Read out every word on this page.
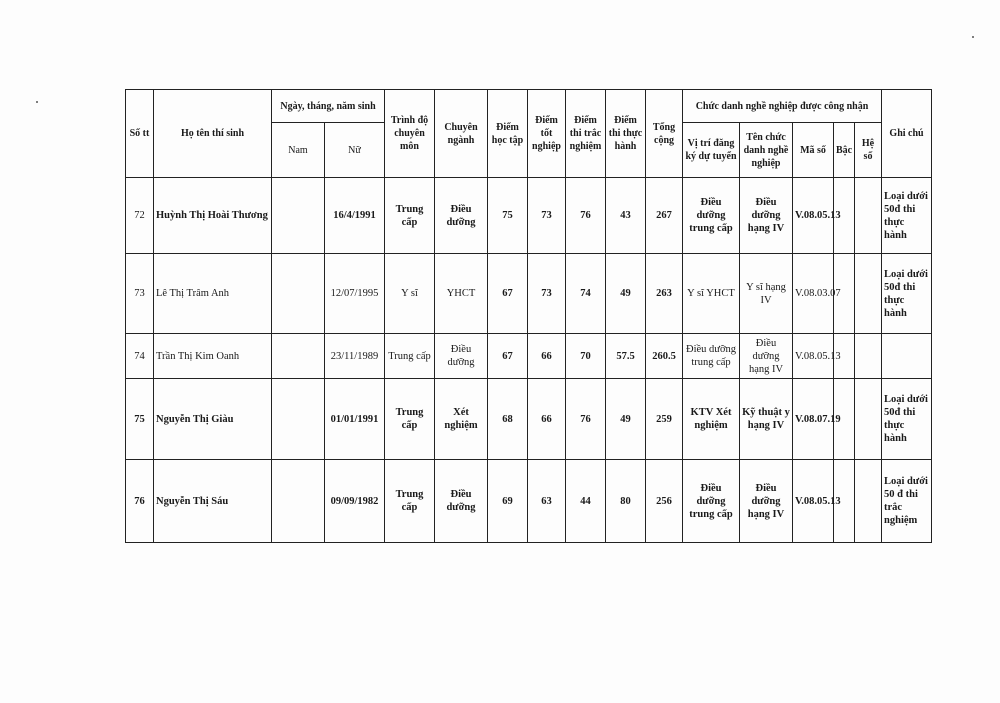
Số tt	Họ tên thí sinh	Ngày, tháng, năm sinh		Trình độ chuyên môn	Chuyên ngành	Điểm học tập	Điểm tốt nghiệp	Điểm thi trắc nghiệm	Điểm thi thực hành	Tổng cộng	Chức danh nghề nghiệp được công nhận					Ghi chú
		Nam	Nữ								Vị trí đăng ký dự tuyển	Tên chức danh nghề nghiệp	Mã số	Bậc	Hệ số	
72	Huỳnh Thị Hoài Thương		16/4/1991	Trung cấp	Điều dưỡng	75	73	76	43	267	Điều dưỡng trung cấp	Điều dưỡng hạng IV	V.08.05.13			Loại dưới 50đ thi thực hành
73	Lê Thị Trâm Anh		12/07/1995	Y sĩ	YHCT	67	73	74	49	263	Y sĩ YHCT	Y sĩ hạng IV	V.08.03.07			Loại dưới 50đ thi thực hành
74	Trần Thị Kim Oanh		23/11/1989	Trung cấp	Điều dưỡng	67	66	70	57.5	260.5	Điều dưỡng trung cấp	Điều dưỡng hạng IV	V.08.05.13			
75	Nguyễn Thị Giàu		01/01/1991	Trung cấp	Xét nghiệm	68	66	76	49	259	KTV Xét nghiệm	Kỹ thuật y hạng IV	V.08.07.19			Loại dưới 50đ thi thực hành
76	Nguyễn Thị Sáu		09/09/1982	Trung cấp	Điều dưỡng	69	63	44	80	256	Điều dưỡng trung cấp	Điều dưỡng hạng IV	V.08.05.13			Loại dưới 50 đ thi trắc nghiệm
